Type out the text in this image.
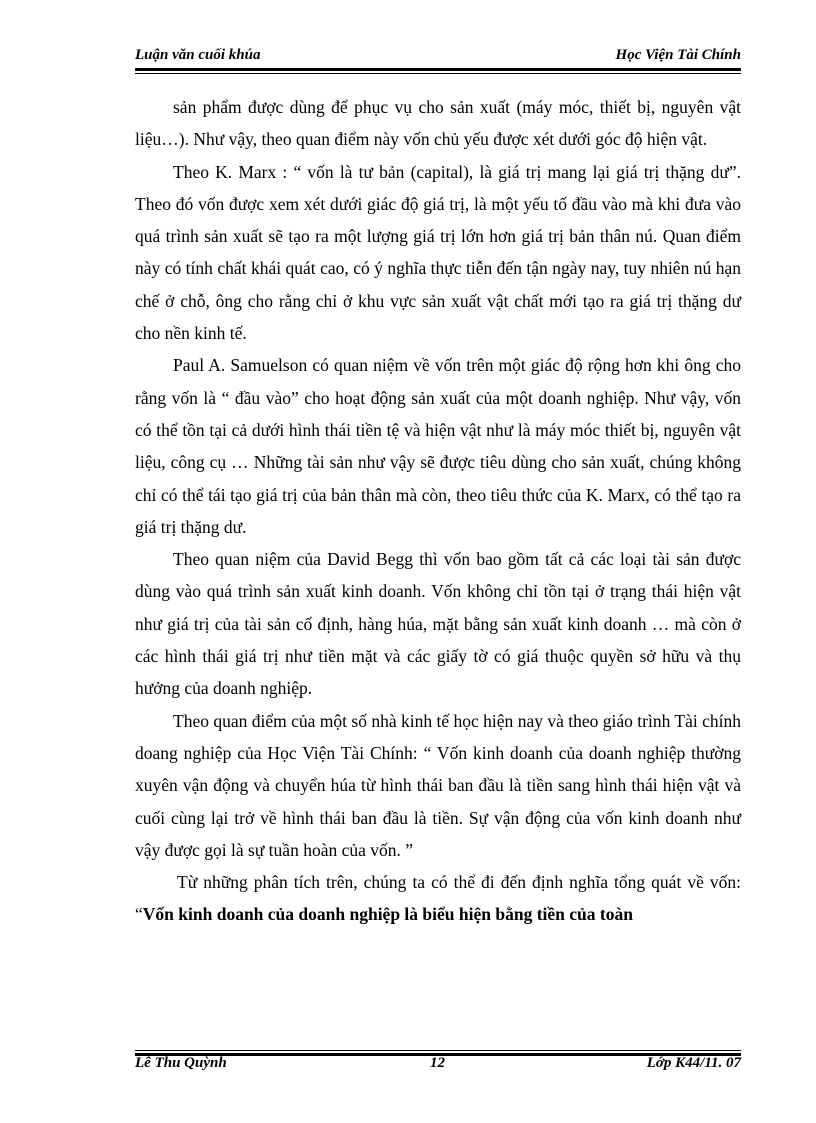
Luận văn cuối khúa	Học Viện Tài Chính

sản phẩm được dùng để phục vụ cho sản xuất (máy móc, thiết bị, nguyên vật liệu…). Như vậy, theo quan điểm này vốn chủ yếu được xét dưới góc độ hiện vật.

Theo K. Marx : “ vốn là tư bản (capital), là giá trị mang lại giá trị thặng dư”. Theo đó vốn được xem xét dưới giác độ giá trị, là một yếu tố đầu vào mà khi đưa vào quá trình sản xuất sẽ tạo ra một lượng giá trị lớn hơn giá trị bản thân nú. Quan điểm này có tính chất khái quát cao, có ý nghĩa thực tiễn đến tận ngày nay, tuy nhiên nú hạn chế ở chỗ, ông cho rằng chỉ ở khu vực sản xuất vật chất mới tạo ra giá trị thặng dư cho nền kinh tế.

Paul A. Samuelson có quan niệm về vốn trên một giác độ rộng hơn khi ông cho rằng vốn là “ đầu vào” cho hoạt động sản xuất của một doanh nghiệp. Như vậy, vốn có thể tồn tại cả dưới hình thái tiền tệ và hiện vật như là máy móc thiết bị, nguyên vật liệu, công cụ … Những tài sản như vậy sẽ được tiêu dùng cho sản xuất, chúng không chỉ có thể tái tạo giá trị của bản thân mà còn, theo tiêu thức của K. Marx, có thể tạo ra giá trị thặng dư.

Theo quan niệm của David Begg thì vốn bao gồm tất cả các loại tài sản được dùng vào quá trình sản xuất kinh doanh. Vốn không chỉ tồn tại ở trạng thái hiện vật như giá trị của tài sản cố định, hàng húa, mặt bằng sản xuất kinh doanh … mà còn ở các hình thái giá trị như tiền mặt và các giấy tờ có giá thuộc quyền sở hữu và thụ hưởng của doanh nghiệp.

Theo quan điểm của một số nhà kinh tế học hiện nay và theo giáo trình Tài chính doang nghiệp của Học Viện Tài Chính: “ Vốn kinh doanh của doanh nghiệp thường xuyên vận động và chuyển húa từ hình thái ban đầu là tiền sang hình thái hiện vật và cuối cùng lại trở về hình thái ban đầu là tiền. Sự vận động của vốn kinh doanh như vậy được gọi là sự tuần hoàn của vốn. ”

Từ những phân tích trên, chúng ta có thể đi đến định nghĩa tổng quát về vốn: “Vốn kinh doanh của doanh nghiệp là biểu hiện bằng tiền của toàn

Lê Thu Quỳnh	12	Lớp K44/11. 07
